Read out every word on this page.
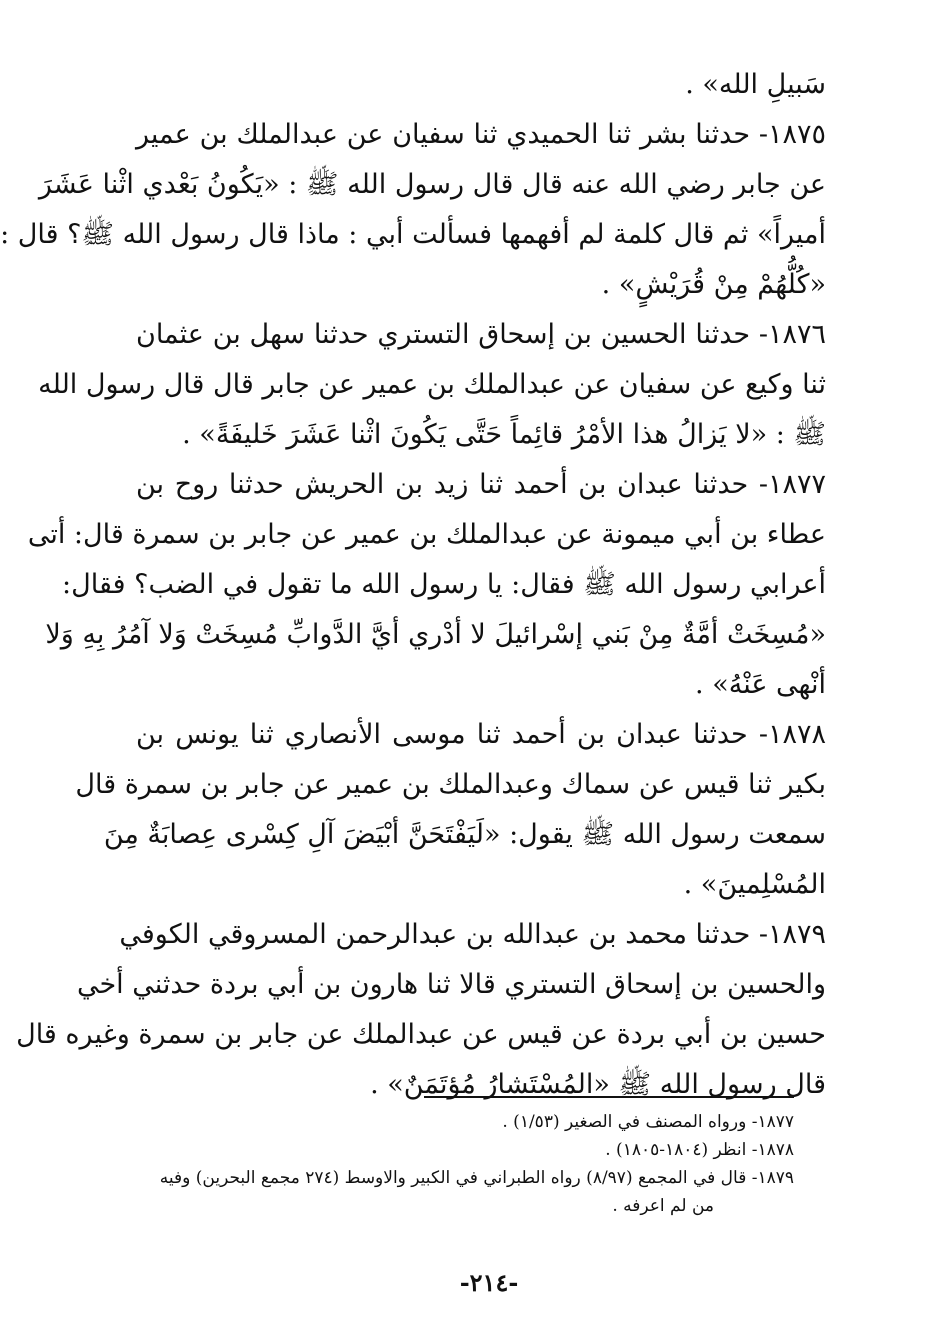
سَبيلِ الله» .
١٨٧٥- حدثنا بشر ثنا الحميدي ثنا سفيان عن عبدالملك بن عمير
عن جابر رضي الله عنه قال قال رسول الله ﷺ : «يَكُونُ بَعْدي اثْنا عَشَرَ
أميراً» ثم قال كلمة لم أفهمها فسألت أبي : ماذا قال رسول الله ﷺ؟ قال :
«كُلُّهُمْ مِنْ قُرَيْشٍ» .
١٨٧٦- حدثنا الحسين بن إسحاق التستري حدثنا سهل بن عثمان
ثنا وكيع عن سفيان عن عبدالملك بن عمير عن جابر قال قال رسول الله
ﷺ : «لا يَزالُ هذا الأمْرُ قائِماً حَتَّى يَكُونَ اثْنا عَشَرَ خَليفَةً» .
١٨٧٧- حدثنا عبدان بن أحمد ثنا زيد بن الحريش حدثنا روح بن
عطاء بن أبي ميمونة عن عبدالملك بن عمير عن جابر بن سمرة قال: أتى
أعرابي رسول الله ﷺ فقال: يا رسول الله ما تقول في الضب؟ فقال:
«مُسِخَتْ أمَّةٌ مِنْ بَني إسْرائيلَ لا أدْري أيَّ الدَّوابِّ مُسِخَتْ وَلا آمُرُ بِهِ وَلا
أنْهى عَنْهُ» .
١٨٧٨- حدثنا عبدان بن أحمد ثنا موسى الأنصاري ثنا يونس بن
بكير ثنا قيس عن سماك وعبدالملك بن عمير عن جابر بن سمرة قال
سمعت رسول الله ﷺ يقول: «لَيَفْتَحَنَّ أبْيَضَ آلِ كِسْرى عِصابَةٌ مِنَ
المُسْلِمينَ» .
١٨٧٩- حدثنا محمد بن عبدالله بن عبدالرحمن المسروقي الكوفي
والحسين بن إسحاق التستري قالا ثنا هارون بن أبي بردة حدثني أخي
حسين بن أبي بردة عن قيس عن عبدالملك عن جابر بن سمرة وغيره قال
قال رسول الله ﷺ «المُسْتَشارُ مُؤتَمَنٌ» .
١٨٧٧- ورواه المصنف في الصغير (١/٥٣) .
١٨٧٨- انظر (١٨٠٤-١٨٠٥) .
١٨٧٩- قال في المجمع (٨/٩٧) رواه الطبراني في الكبير والاوسط (٢٧٤ مجمع البحرين) وفيه
من لم اعرفه .
-٢١٤-
